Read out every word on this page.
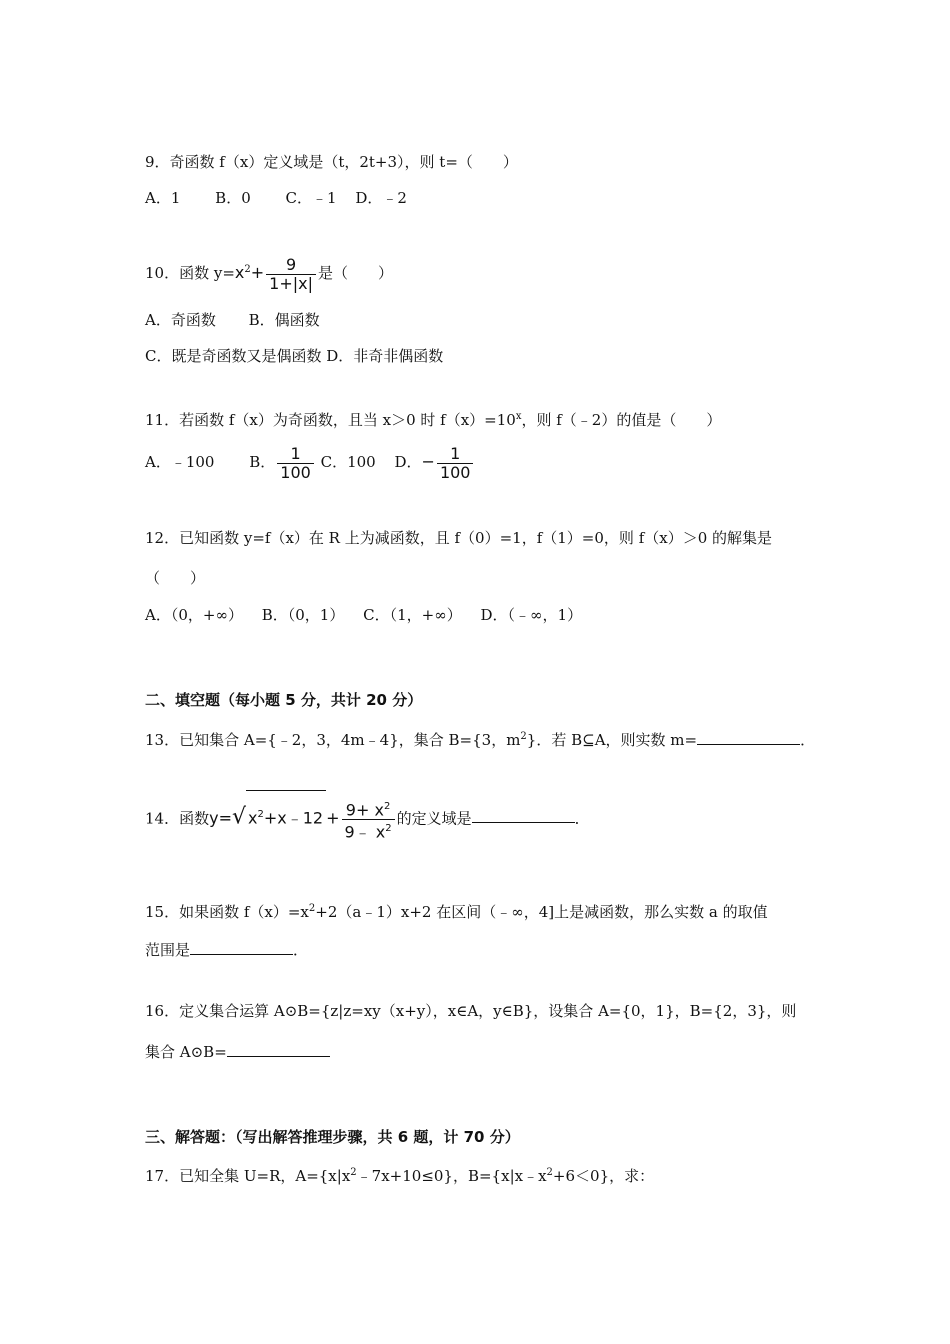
9．奇函数 f（x）定义域是（t，2t+3），则 t=（　　）
A．1 B．0 C．﹣1 D．﹣2
10．函数 $y=x^2+ \frac{9}{1+|x|}$ 是（　　）
A．奇函数 B．偶函数
C．既是奇函数又是偶函数 D．非奇非偶函数
11．若函数 f（x）为奇函数，且当 x＞0 时 $f(x)=10^x$，则 f（﹣2）的值是（　　）
A．﹣100 B． $\frac{1}{100}$ C．100 D．− $\frac{1}{100}$
12．已知函数 y=f（x）在 R 上为减函数，且 f（0）=1，f（1）=0，则 f（x）＞0 的解集是
（　　）
A．（0，+∞） B．（0，1） C．（1，+∞） D．（﹣∞，1）
二、填空题（每小题 5 分，共计 20 分）
13．已知集合 A={﹣2，3，4m﹣4}，集合 B={3，$m^2$}．若 B⊆A，则实数 m=	．
14．函数y=√ $x^2+x﹣12 + \frac{9+ x^2}{9﹣ x^2}$ 的定义域是	．
15．如果函数 $f(x)=x^2+2(a﹣1)x+2$ 在区间（﹣∞，4]上是减函数，那么实数 a 的取值
范围是	．
16．定义集合运算 A⊙B={z|z=xy（x+y），x∈A，y∈B}，设集合 A={0，1}，B={2，3}，则
集合 A⊙B=
三、解答题：（写出解答推理步骤，共 6 题，计 70 分）
17．已知全集 U=R，$A=\{x|x^2﹣7x+10\le 0\}$，$B=\{x|x﹣x^2+6<0\}$，求：
